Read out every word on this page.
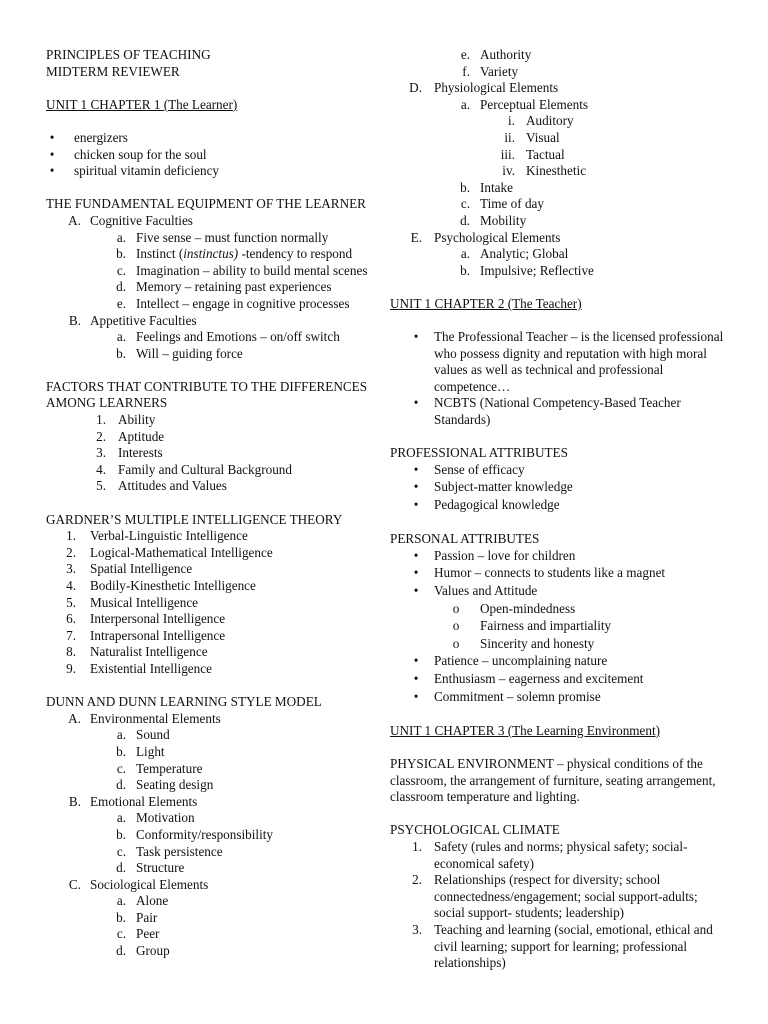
PRINCIPLES OF TEACHING
MIDTERM REVIEWER
UNIT 1 CHAPTER 1 (The Learner)
• energizers
• chicken soup for the soul
• spiritual vitamin deficiency
THE FUNDAMENTAL EQUIPMENT OF THE LEARNER
A. Cognitive Faculties
a. Five sense – must function normally
b. Instinct (instinctus) -tendency to respond
c. Imagination – ability to build mental scenes
d. Memory – retaining past experiences
e. Intellect – engage in cognitive processes
B. Appetitive Faculties
a. Feelings and Emotions – on/off switch
b. Will – guiding force
FACTORS THAT CONTRIBUTE TO THE DIFFERENCES
AMONG LEARNERS
1. Ability
2. Aptitude
3. Interests
4. Family and Cultural Background
5. Attitudes and Values
GARDNER’S MULTIPLE INTELLIGENCE THEORY
1.	Verbal-Linguistic Intelligence
2.	Logical-Mathematical Intelligence
3.	Spatial Intelligence
4.	Bodily-Kinesthetic Intelligence
5.	Musical Intelligence
6.	Interpersonal Intelligence
7.	Intrapersonal Intelligence
8.	Naturalist Intelligence
9.	Existential Intelligence
DUNN AND DUNN LEARNING STYLE MODEL
A. Environmental Elements
a. Sound
b. Light
c. Temperature
d. Seating design
B. Emotional Elements
a. Motivation
b. Conformity/responsibility
c. Task persistence
d. Structure
C. Sociological Elements
a. Alone
b. Pair
c. Peer
d. Group
e. Authority
f. Variety
D. Physiological Elements
a. Perceptual Elements
i. Auditory
ii. Visual
iii. Tactual
iv. Kinesthetic
b. Intake
c. Time of day
d. Mobility
E. Psychological Elements
a. Analytic; Global
b. Impulsive; Reflective
UNIT 1 CHAPTER 2 (The Teacher)
•	The Professional Teacher – is the licensed professional who possess dignity and reputation with high moral values as well as technical and professional competence…
•	NCBTS (National Competency-Based Teacher Standards)
PROFESSIONAL ATTRIBUTES
•	Sense of efficacy
•	Subject-matter knowledge
•	Pedagogical knowledge
PERSONAL ATTRIBUTES
•	Passion – love for children
•	Humor – connects to students like a magnet
•	Values and Attitude
o	Open-mindedness
o	Fairness and impartiality
o	Sincerity and honesty
•	Patience – uncomplaining nature
•	Enthusiasm – eagerness and excitement
•	Commitment – solemn promise
UNIT 1 CHAPTER 3 (The Learning Environment)
PHYSICAL ENVIRONMENT – physical conditions of the classroom, the arrangement of furniture, seating arrangement, classroom temperature and lighting.
PSYCHOLOGICAL CLIMATE
1. Safety (rules and norms; physical safety; social-economical safety)
2. Relationships (respect for diversity; school connectedness/engagement; social support-adults; social support- students; leadership)
3. Teaching and learning (social, emotional, ethical and civil learning; support for learning; professional relationships)
